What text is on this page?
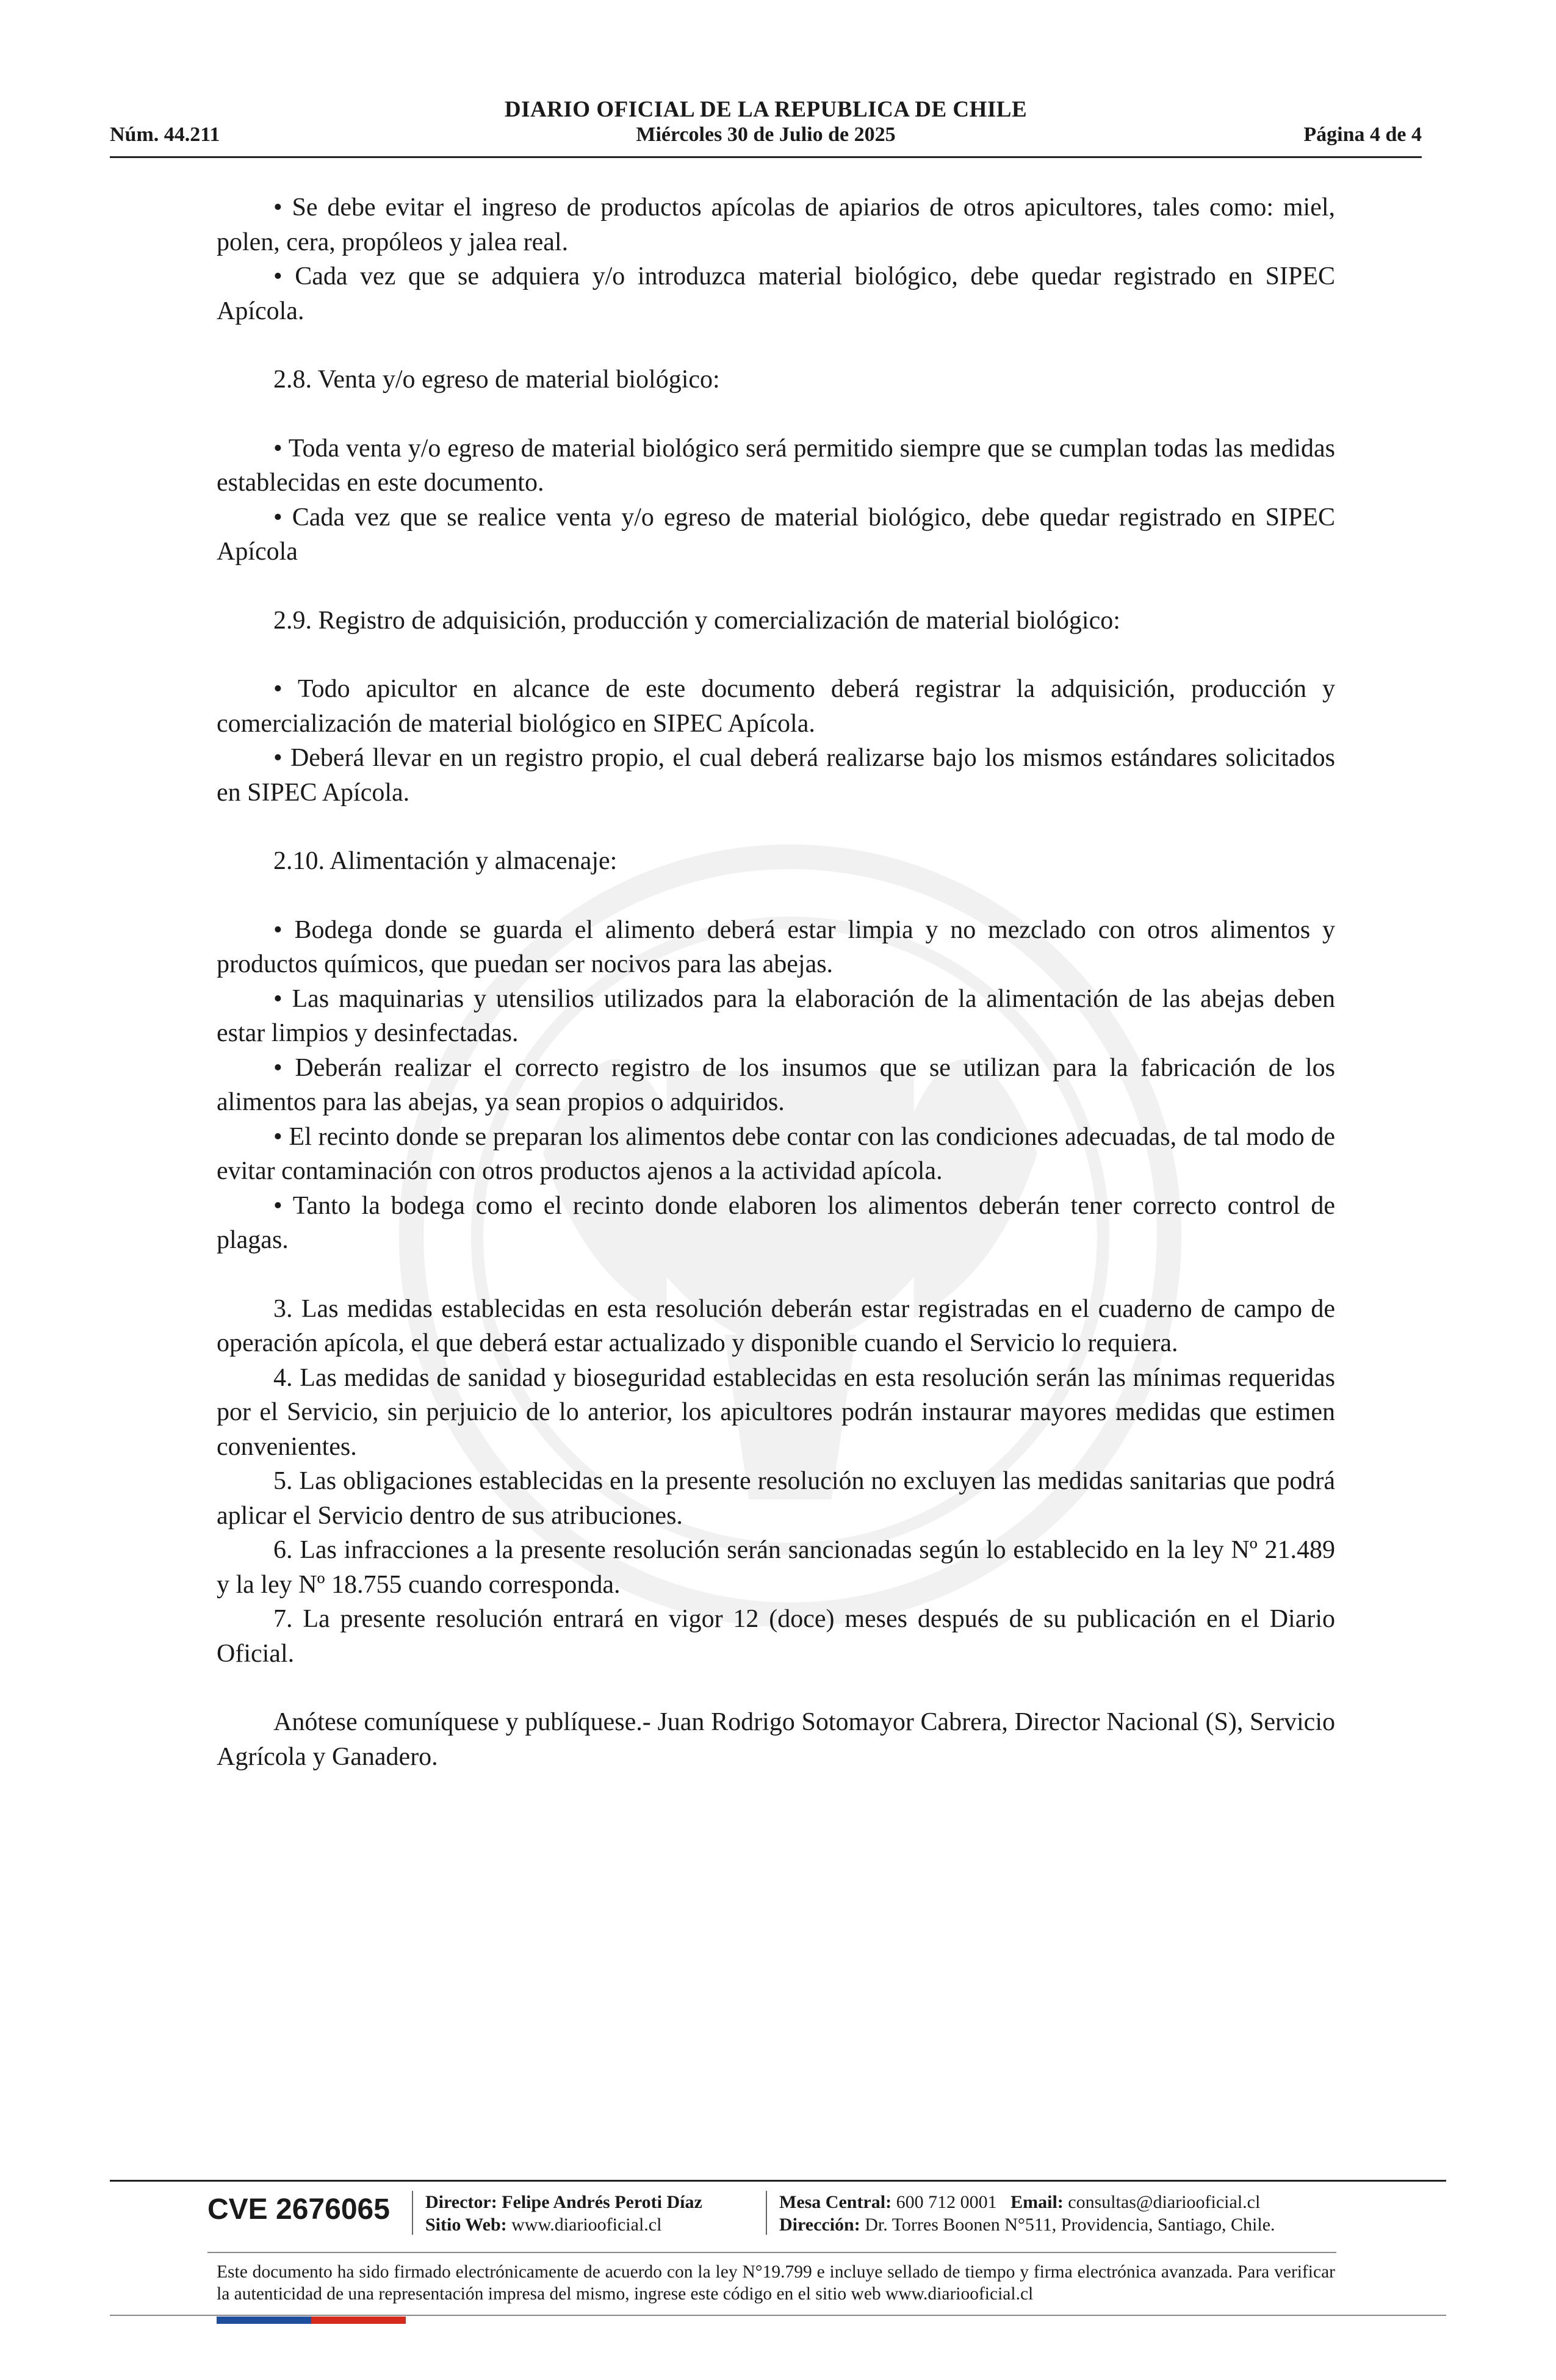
DIARIO OFICIAL DE LA REPUBLICA DE CHILE
Núm. 44.211	Miércoles 30 de Julio de 2025	Página 4 de 4

• Se debe evitar el ingreso de productos apícolas de apiarios de otros apicultores, tales como: miel, polen, cera, propóleos y jalea real.

• Cada vez que se adquiera y/o introduzca material biológico, debe quedar registrado en SIPEC Apícola.

2.8. Venta y/o egreso de material biológico:

• Toda venta y/o egreso de material biológico será permitido siempre que se cumplan todas las medidas establecidas en este documento.

• Cada vez que se realice venta y/o egreso de material biológico, debe quedar registrado en SIPEC Apícola

2.9. Registro de adquisición, producción y comercialización de material biológico:

• Todo apicultor en alcance de este documento deberá registrar la adquisición, producción y comercialización de material biológico en SIPEC Apícola.

• Deberá llevar en un registro propio, el cual deberá realizarse bajo los mismos estándares solicitados en SIPEC Apícola.

2.10. Alimentación y almacenaje:

• Bodega donde se guarda el alimento deberá estar limpia y no mezclado con otros alimentos y productos químicos, que puedan ser nocivos para las abejas.

• Las maquinarias y utensilios utilizados para la elaboración de la alimentación de las abejas deben estar limpios y desinfectadas.

• Deberán realizar el correcto registro de los insumos que se utilizan para la fabricación de los alimentos para las abejas, ya sean propios o adquiridos.

• El recinto donde se preparan los alimentos debe contar con las condiciones adecuadas, de tal modo de evitar contaminación con otros productos ajenos a la actividad apícola.

• Tanto la bodega como el recinto donde elaboren los alimentos deberán tener correcto control de plagas.

3. Las medidas establecidas en esta resolución deberán estar registradas en el cuaderno de campo de operación apícola, el que deberá estar actualizado y disponible cuando el Servicio lo requiera.

4. Las medidas de sanidad y bioseguridad establecidas en esta resolución serán las mínimas requeridas por el Servicio, sin perjuicio de lo anterior, los apicultores podrán instaurar mayores medidas que estimen convenientes.

5. Las obligaciones establecidas en la presente resolución no excluyen las medidas sanitarias que podrá aplicar el Servicio dentro de sus atribuciones.

6. Las infracciones a la presente resolución serán sancionadas según lo establecido en la ley Nº 21.489 y la ley Nº 18.755 cuando corresponda.

7. La presente resolución entrará en vigor 12 (doce) meses después de su publicación en el Diario Oficial.

Anótese comuníquese y publíquese.- Juan Rodrigo Sotomayor Cabrera, Director Nacional (S), Servicio Agrícola y Ganadero.

CVE 2676065 Director: Felipe Andrés Peroti Díaz
Sitio Web: www.diariooficial.cl
Mesa Central: 600 712 0001 Email: consultas@diariooficial.cl
Dirección: Dr. Torres Boonen N°511, Providencia, Santiago, Chile.
Este documento ha sido firmado electrónicamente de acuerdo con la ley N°19.799 e incluye sellado de tiempo y firma electrónica avanzada. Para verificar la autenticidad de una representación impresa del mismo, ingrese este código en el sitio web www.diariooficial.cl
